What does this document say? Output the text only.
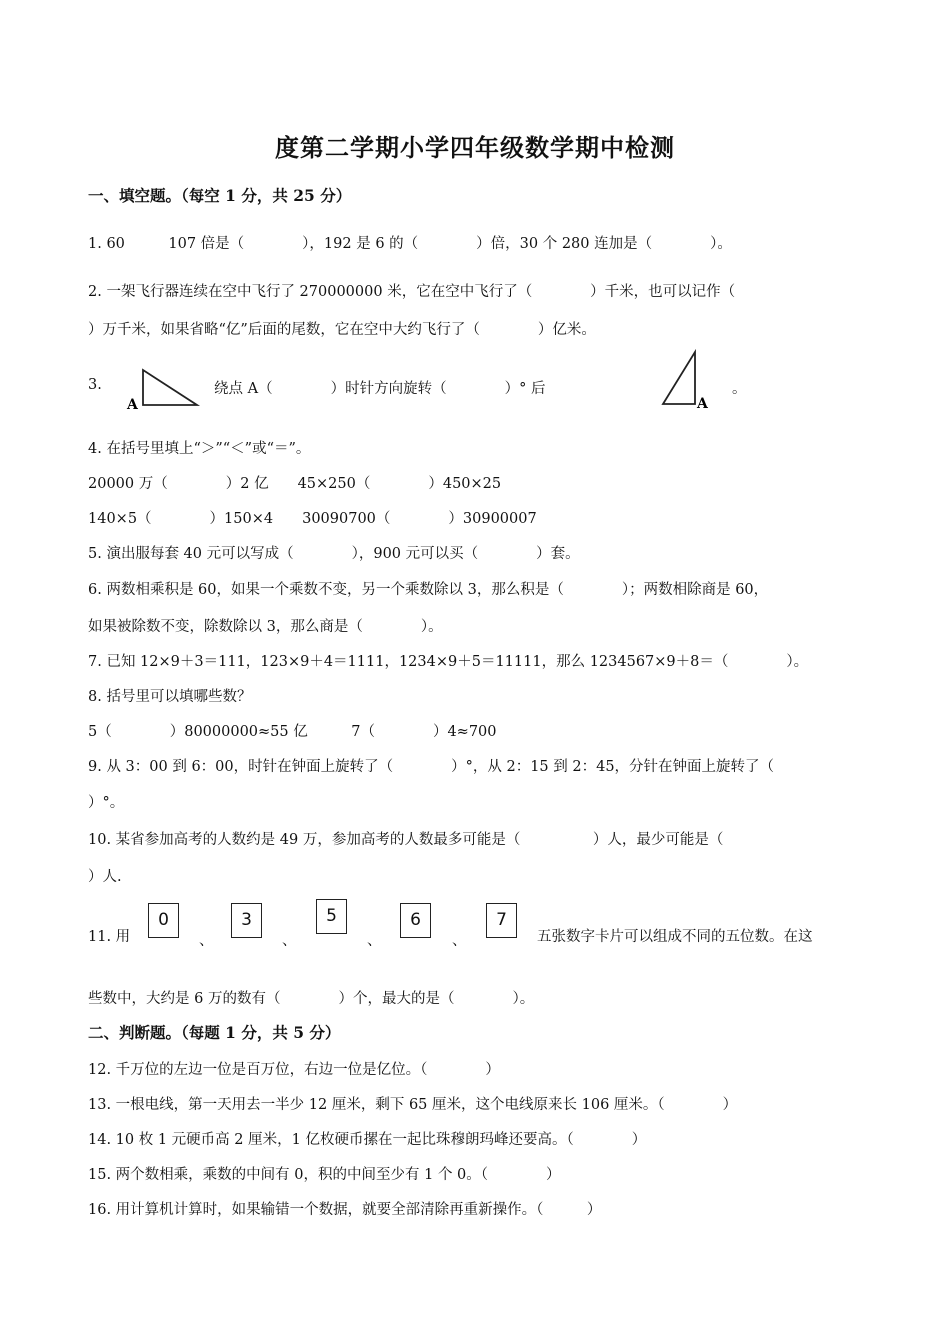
度第二学期小学四年级数学期中检测
一、填空题。（每空 1 分，共 25 分）
1. 60　　　107 倍是（　　　　），192 是 6 的（　　　　）倍，30 个 280 连加是（　　　　）。
2. 一架飞行器连续在空中飞行了 270000000 米，它在空中飞行了（　　　　）千米，也可以记作（
）万千米，如果省略“亿”后面的尾数，它在空中大约飞行了（　　　　）亿米。
3.
A
绕点 A（　　　　）时针方向旋转（　　　　）° 后
A
。
4. 在括号里填上“＞”“＜”或“＝”。
20000 万（　　　　）2 亿　　45×250（　　　　）450×25
140×5（　　　　）150×4　　30090700（　　　　）30900007
5. 演出服每套 40 元可以写成（　　　　），900 元可以买（　　　　）套。
6. 两数相乘积是 60，如果一个乘数不变，另一个乘数除以 3，那么积是（　　　　）；两数相除商是 60，
如果被除数不变，除数除以 3，那么商是（　　　　）。
7. 已知 12×9＋3＝111，123×9＋4＝1111，1234×9＋5＝11111，那么 1234567×9＋8＝（　　　　）。
8. 括号里可以填哪些数？
5（　　　　）80000000≈55 亿　　　7（　　　　）4≈700
9. 从 3：00 到 6：00，时针在钟面上旋转了（　　　　）°，从 2：15 到 2：45，分针在钟面上旋转了（
）°。
10. 某省参加高考的人数约是 49 万，参加高考的人数最多可能是（　　　　　）人，最少可能是（
）人.
11. 用
0
、
3
、
5
、
6
、
7
五张数字卡片可以组成不同的五位数。在这
些数中，大约是 6 万的数有（　　　　）个，最大的是（　　　　）。
二、判断题。（每题 1 分，共 5 分）
12. 千万位的左边一位是百万位，右边一位是亿位。（　　　　）
13. 一根电线，第一天用去一半少 12 厘米，剩下 65 厘米，这个电线原来长 106 厘米。（　　　　）
14. 10 枚 1 元硬币高 2 厘米，1 亿枚硬币摞在一起比珠穆朗玛峰还要高。（　　　　）
15. 两个数相乘，乘数的中间有 0，积的中间至少有 1 个 0。（　　　　）
16. 用计算机计算时，如果输错一个数据，就要全部清除再重新操作。（　　　）
